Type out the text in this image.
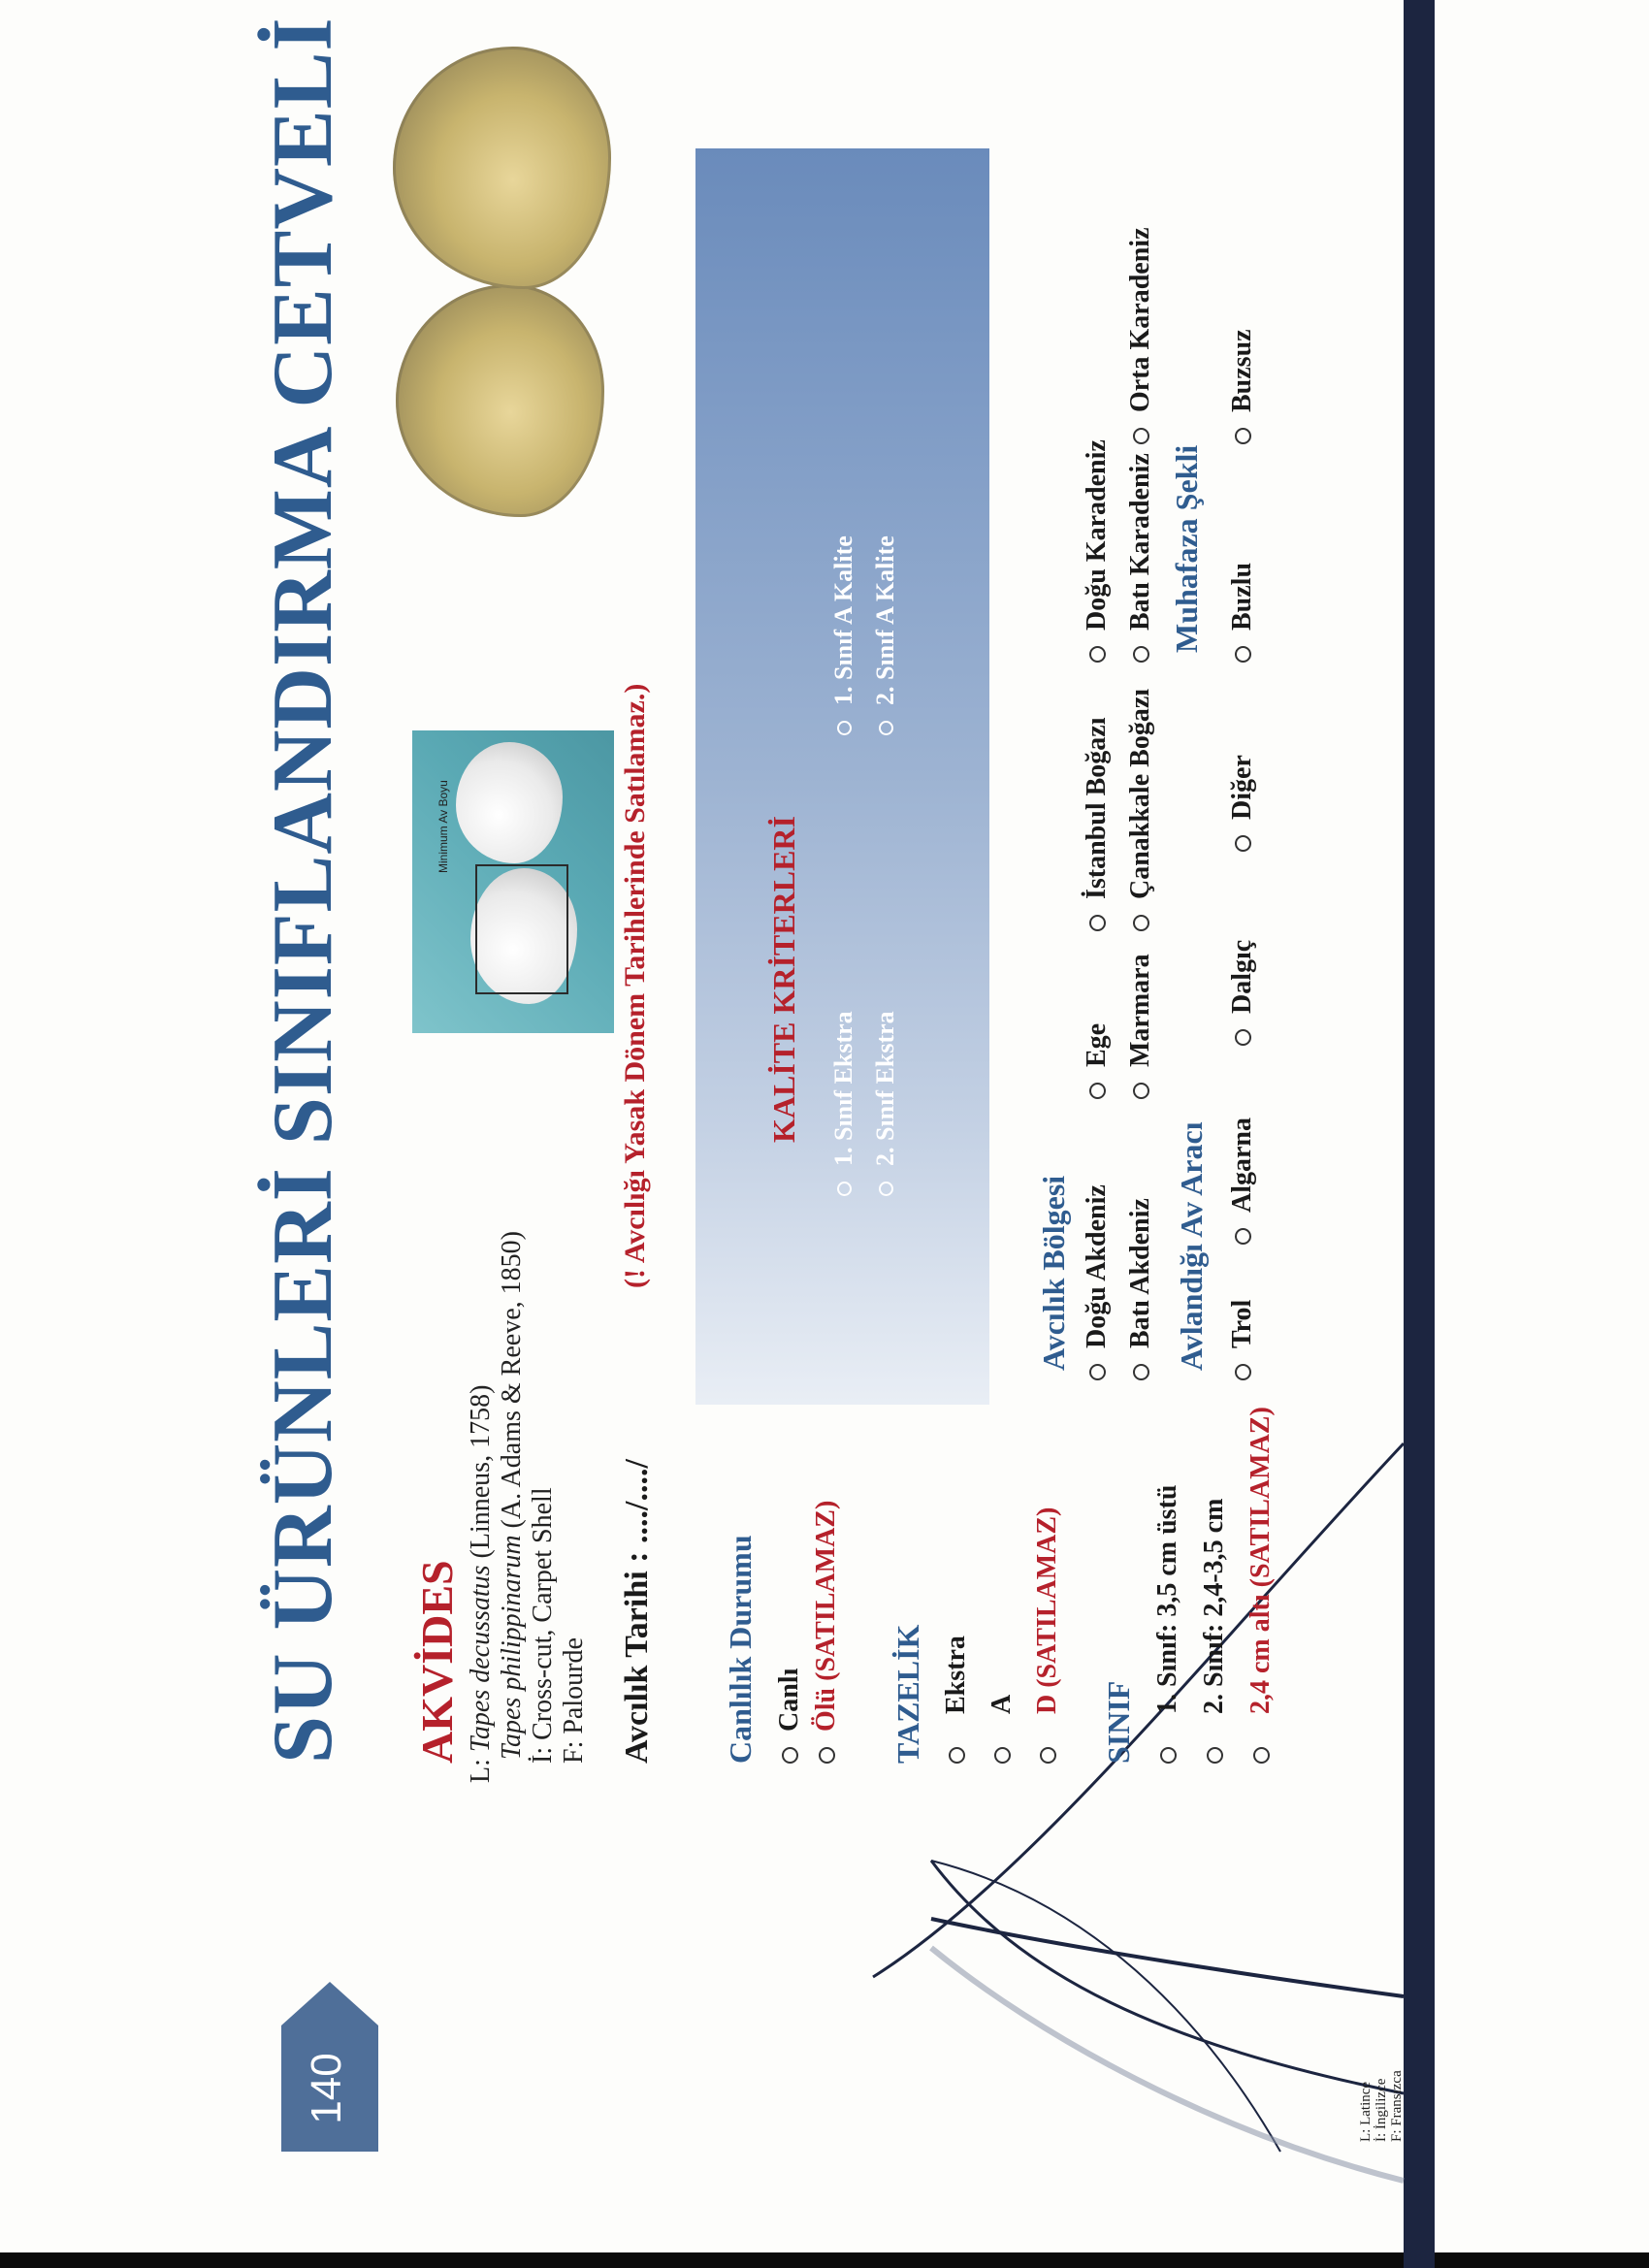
140
SU ÜRÜNLERİ SINIFLANDIRMA CETVELİ AKVİDES
L: Tapes decussatus (Linneus, 1758)
Tapes philippinarum (A. Adams & Reeve, 1850)
İ: Cross-cut, Carpet Shell F: Palourde Avcılık Tarihi : ..../..../
(! Avcılığı Yasak Dönem Tarihlerinde Satılamaz.)
Canlılık Durumu Canlı Ölü (SATILAMAZ) TAZELİK Ekstra A D (SATILAMAZ)
SINIF
1. Sınıf: 3,5 cm üstü 2. Sınıf: 2,4-3,5 cm 2,4 cm altı (SATILAMAZ)
Minimum Av Boyu	KALİTE KRİTERLERİ 1. Sınıf Ekstra 2. Sınıf Ekstra
1. Sınıf A Kalite 2. Sınıf A Kalite
Avcılık Bölgesi Doğu Akdeniz Batı Akdeniz
Ege Marmara
İstanbul Boğazı Çanakkale Boğazı
Doğu Karadeniz Batı Karadeniz
Orta Karadeniz
Avlandığı Av Aracı Trol
Algarna
Dalgıç
Diğer
Muhafaza Şekli Buzlu
Buzsuz
L: Latince İ: İngilizce F: Fransızca
